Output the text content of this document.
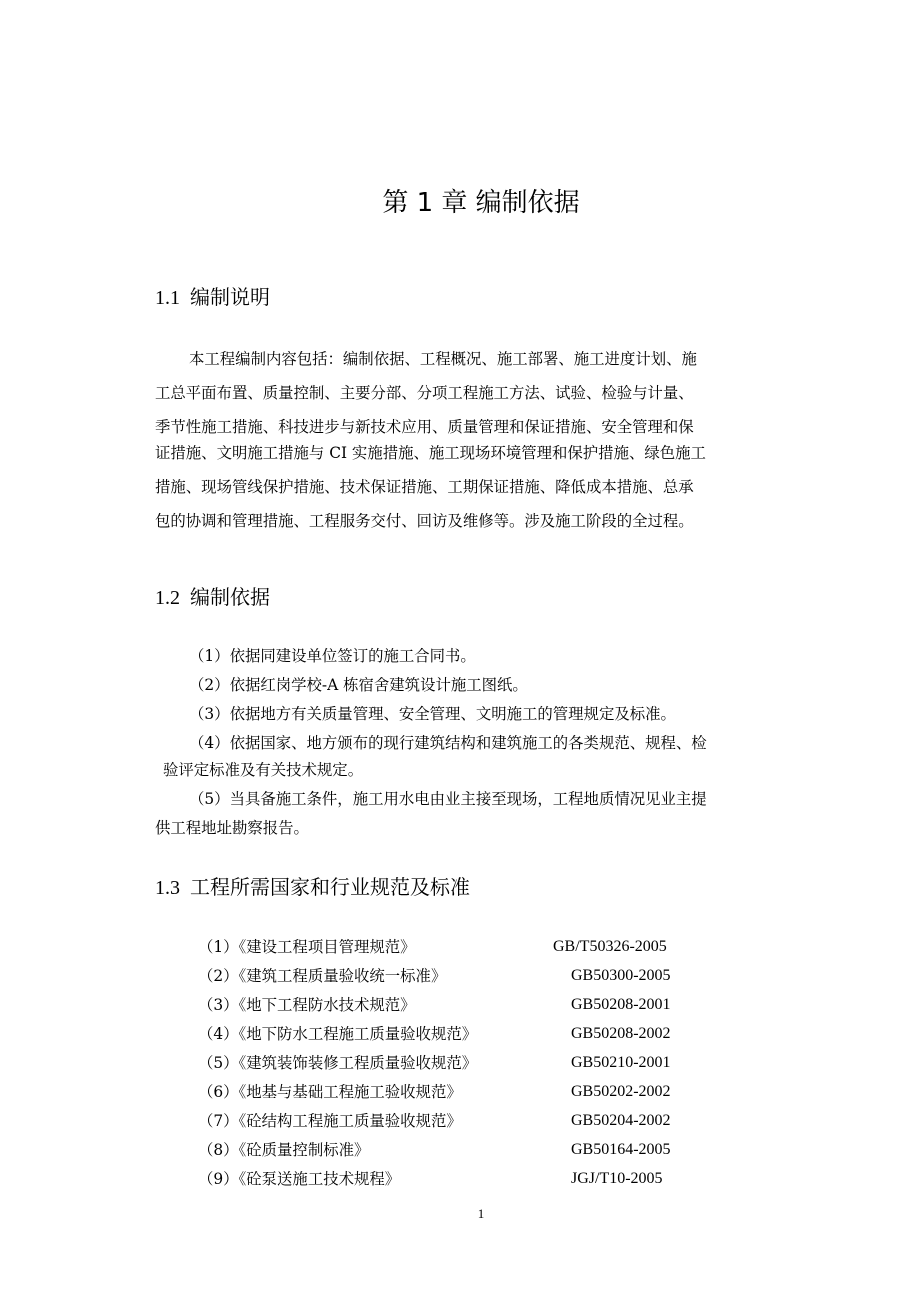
第 1 章 编制依据
1.1 编制说明
本工程编制内容包括：编制依据、工程概况、施工部署、施工进度计划、施
工总平面布置、质量控制、主要分部、分项工程施工方法、试验、检验与计量、
季节性施工措施、科技进步与新技术应用、质量管理和保证措施、安全管理和保
证措施、文明施工措施与 CI 实施措施、施工现场环境管理和保护措施、绿色施工
措施、现场管线保护措施、技术保证措施、工期保证措施、降低成本措施、总承
包的协调和管理措施、工程服务交付、回访及维修等。涉及施工阶段的全过程。
1.2 编制依据
（1）依据同建设单位签订的施工合同书。
（2）依据红岗学校-A 栋宿舍建筑设计施工图纸。
（3）依据地方有关质量管理、安全管理、文明施工的管理规定及标准。
（4）依据国家、地方颁布的现行建筑结构和建筑施工的各类规范、规程、检
验评定标准及有关技术规定。
（5）当具备施工条件，施工用水电由业主接至现场，工程地质情况见业主提
供工程地址勘察报告。
1.3 工程所需国家和行业规范及标准
（1）《建设工程项目管理规范》	GB/T50326-2005
（2）《建筑工程质量验收统一标准》	GB50300-2005
（3）《地下工程防水技术规范》	GB50208-2001
（4）《地下防水工程施工质量验收规范》	GB50208-2002
（5）《建筑装饰装修工程质量验收规范》	GB50210-2001
（6）《地基与基础工程施工验收规范》	GB50202-2002
（7）《砼结构工程施工质量验收规范》	GB50204-2002
（8）《砼质量控制标准》	GB50164-2005
（9）《砼泵送施工技术规程》	JGJ/T10-2005
1
